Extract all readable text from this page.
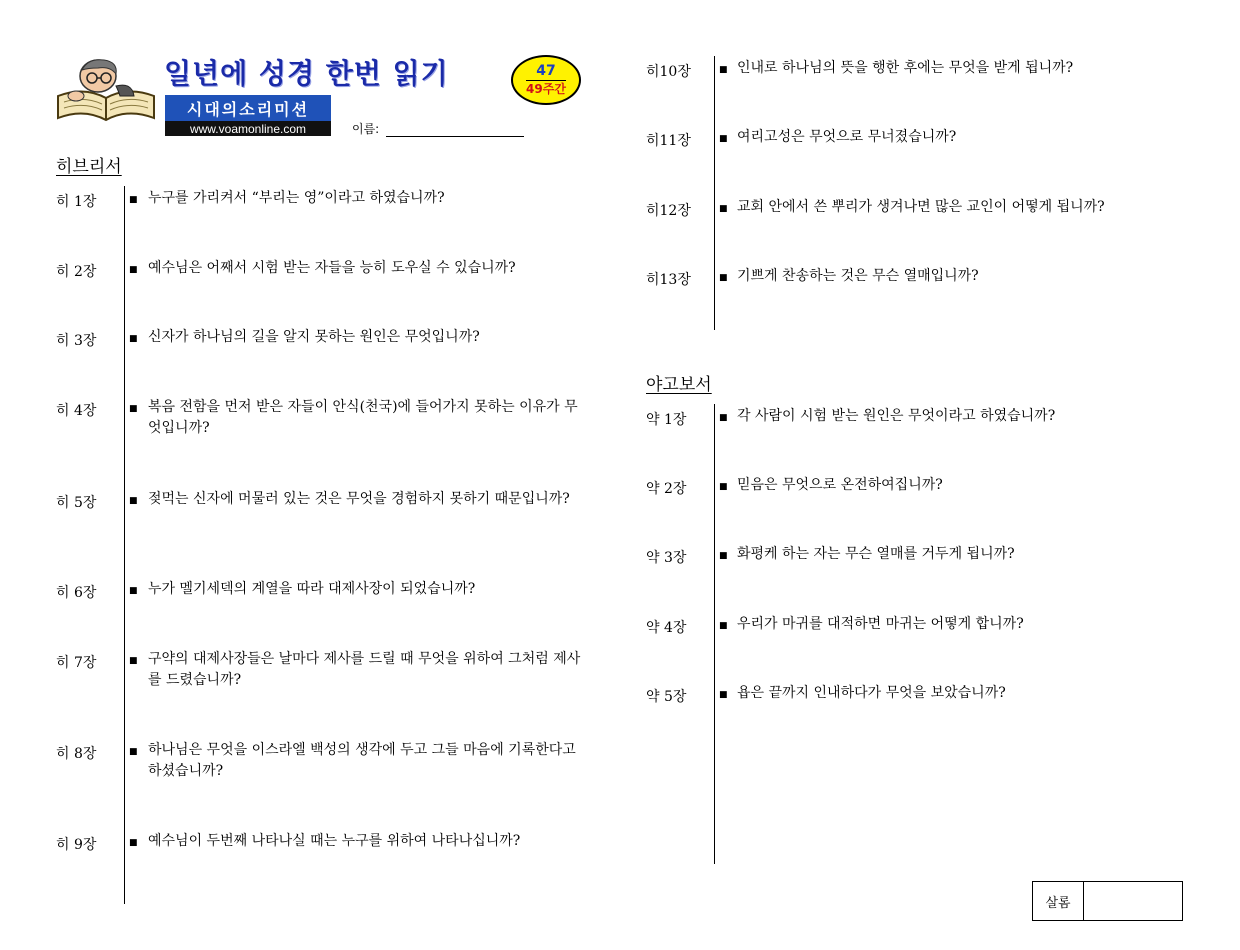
일년에 성경 한번 읽기
시대의소리미션
www.voamonline.com	이름:
47
49주간
히브리서
히 1장	■ 누구를 가리켜서 “부리는 영”이라고 하였습니까?
히 2장	■ 예수님은 어째서 시험 받는 자들을 능히 도우실 수 있습니까?
히 3장	■ 신자가 하나님의 길을 알지 못하는 원인은 무엇입니까?
히 4장	■ 복음 전함을 먼저 받은 자들이 안식(천국)에 들어가지 못하는 이유가 무엇입니까?
히 5장	■ 젖먹는 신자에 머물러 있는 것은 무엇을 경험하지 못하기 때문입니까?
히 6장	■ 누가 멜기세덱의 계열을 따라 대제사장이 되었습니까?
히 7장	■ 구약의 대제사장들은 날마다 제사를 드릴 때 무엇을 위하여 그처럼 제사를 드렸습니까?
히 8장	■ 하나님은 무엇을 이스라엘 백성의 생각에 두고 그들 마음에 기록한다고 하셨습니까?
히 9장	■ 예수님이 두번째 나타나실 때는 누구를 위하여 나타나십니까?
히10장	■ 인내로 하나님의 뜻을 행한 후에는 무엇을 받게 됩니까?
히11장	■ 여리고성은 무엇으로 무너졌습니까?
히12장	■ 교회 안에서 쓴 뿌리가 생겨나면 많은 교인이 어떻게 됩니까?
히13장	■ 기쁘게 찬송하는 것은 무슨 열매입니까?
야고보서
약 1장	■ 각 사람이 시험 받는 원인은 무엇이라고 하였습니까?
약 2장	■ 믿음은 무엇으로 온전하여집니까?
약 3장	■ 화평케 하는 자는 무슨 열매를 거두게 됩니까?
약 4장	■ 우리가 마귀를 대적하면 마귀는 어떻게 합니까?
약 5장	■ 욥은 끝까지 인내하다가 무엇을 보았습니까?
살롬
